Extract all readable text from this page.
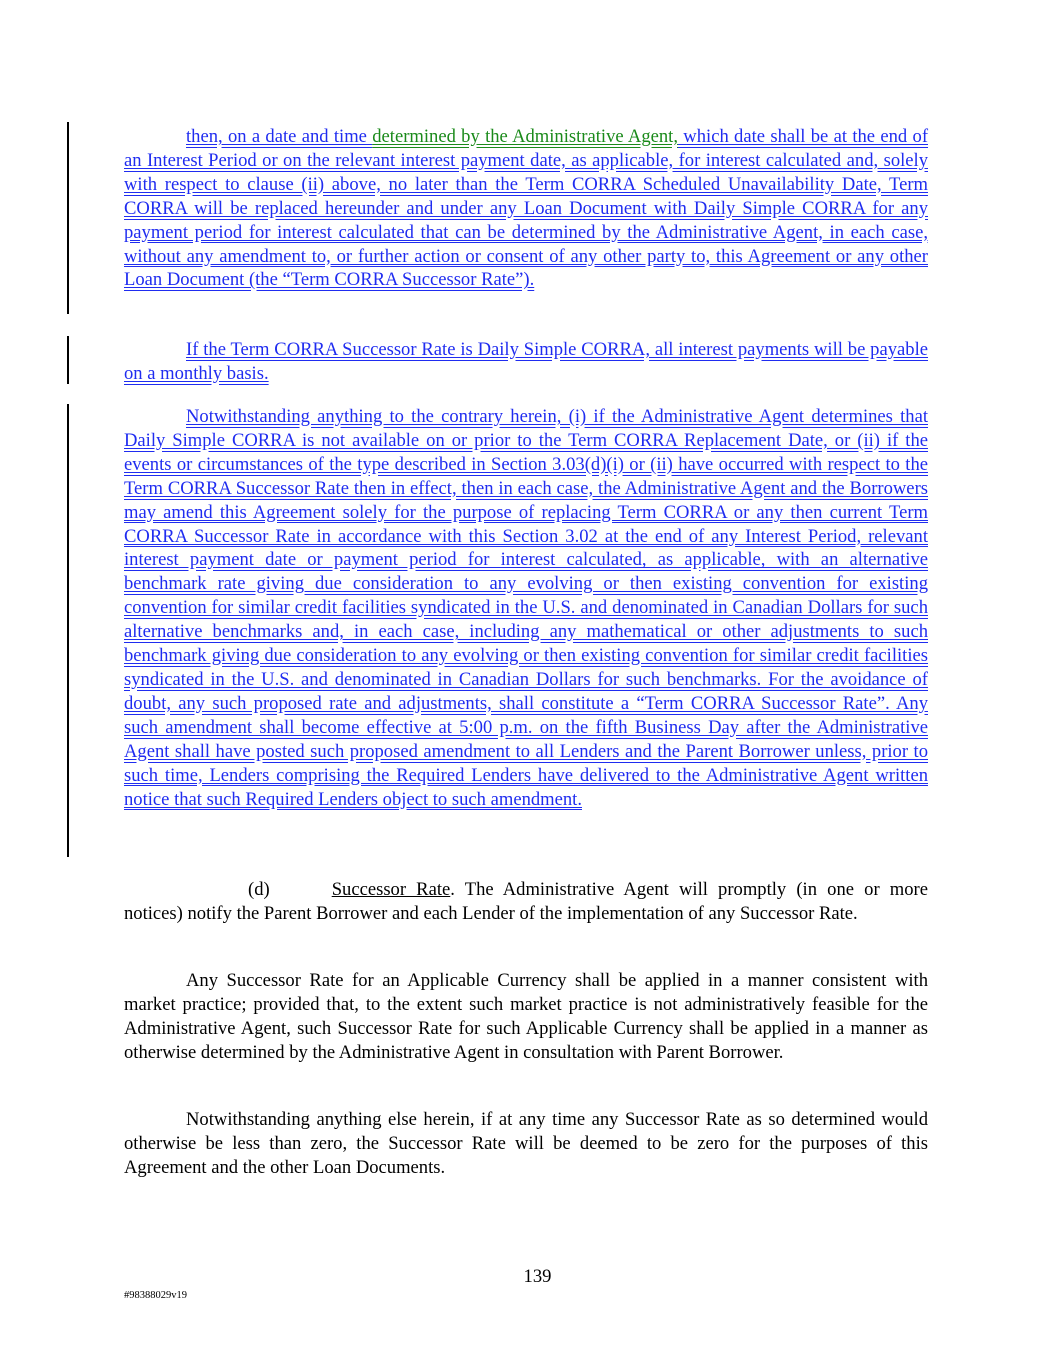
then, on a date and time determined by the Administrative Agent, which date shall be at the end of an Interest Period or on the relevant interest payment date, as applicable, for interest calculated and, solely with respect to clause (ii) above, no later than the Term CORRA Scheduled Unavailability Date, Term CORRA will be replaced hereunder and under any Loan Document with Daily Simple CORRA for any payment period for interest calculated that can be determined by the Administrative Agent, in each case, without any amendment to, or further action or consent of any other party to, this Agreement or any other Loan Document (the “Term CORRA Successor Rate”).

If the Term CORRA Successor Rate is Daily Simple CORRA, all interest payments will be payable on a monthly basis.

Notwithstanding anything to the contrary herein, (i) if the Administrative Agent determines that Daily Simple CORRA is not available on or prior to the Term CORRA Replacement Date, or (ii) if the events or circumstances of the type described in Section 3.03(d)(i) or (ii) have occurred with respect to the Term CORRA Successor Rate then in effect, then in each case, the Administrative Agent and the Borrowers may amend this Agreement solely for the purpose of replacing Term CORRA or any then current Term CORRA Successor Rate in accordance with this Section 3.02 at the end of any Interest Period, relevant interest payment date or payment period for interest calculated, as applicable, with an alternative benchmark rate giving due consideration to any evolving or then existing convention for existing convention for similar credit facilities syndicated in the U.S. and denominated in Canadian Dollars for such alternative benchmarks and, in each case, including any mathematical or other adjustments to such benchmark giving due consideration to any evolving or then existing convention for similar credit facilities syndicated in the U.S. and denominated in Canadian Dollars for such benchmarks. For the avoidance of doubt, any such proposed rate and adjustments, shall constitute a “Term CORRA Successor Rate”. Any such amendment shall become effective at 5:00 p.m. on the fifth Business Day after the Administrative Agent shall have posted such proposed amendment to all Lenders and the Parent Borrower unless, prior to such time, Lenders comprising the Required Lenders have delivered to the Administrative Agent written notice that such Required Lenders object to such amendment.

(d)	Successor Rate. The Administrative Agent will promptly (in one or more notices) notify the Parent Borrower and each Lender of the implementation of any Successor Rate.

Any Successor Rate for an Applicable Currency shall be applied in a manner consistent with market practice; provided that, to the extent such market practice is not administratively feasible for the Administrative Agent, such Successor Rate for such Applicable Currency shall be applied in a manner as otherwise determined by the Administrative Agent in consultation with Parent Borrower.

Notwithstanding anything else herein, if at any time any Successor Rate as so determined would otherwise be less than zero, the Successor Rate will be deemed to be zero for the purposes of this Agreement and the other Loan Documents.

139
#98388029v19
